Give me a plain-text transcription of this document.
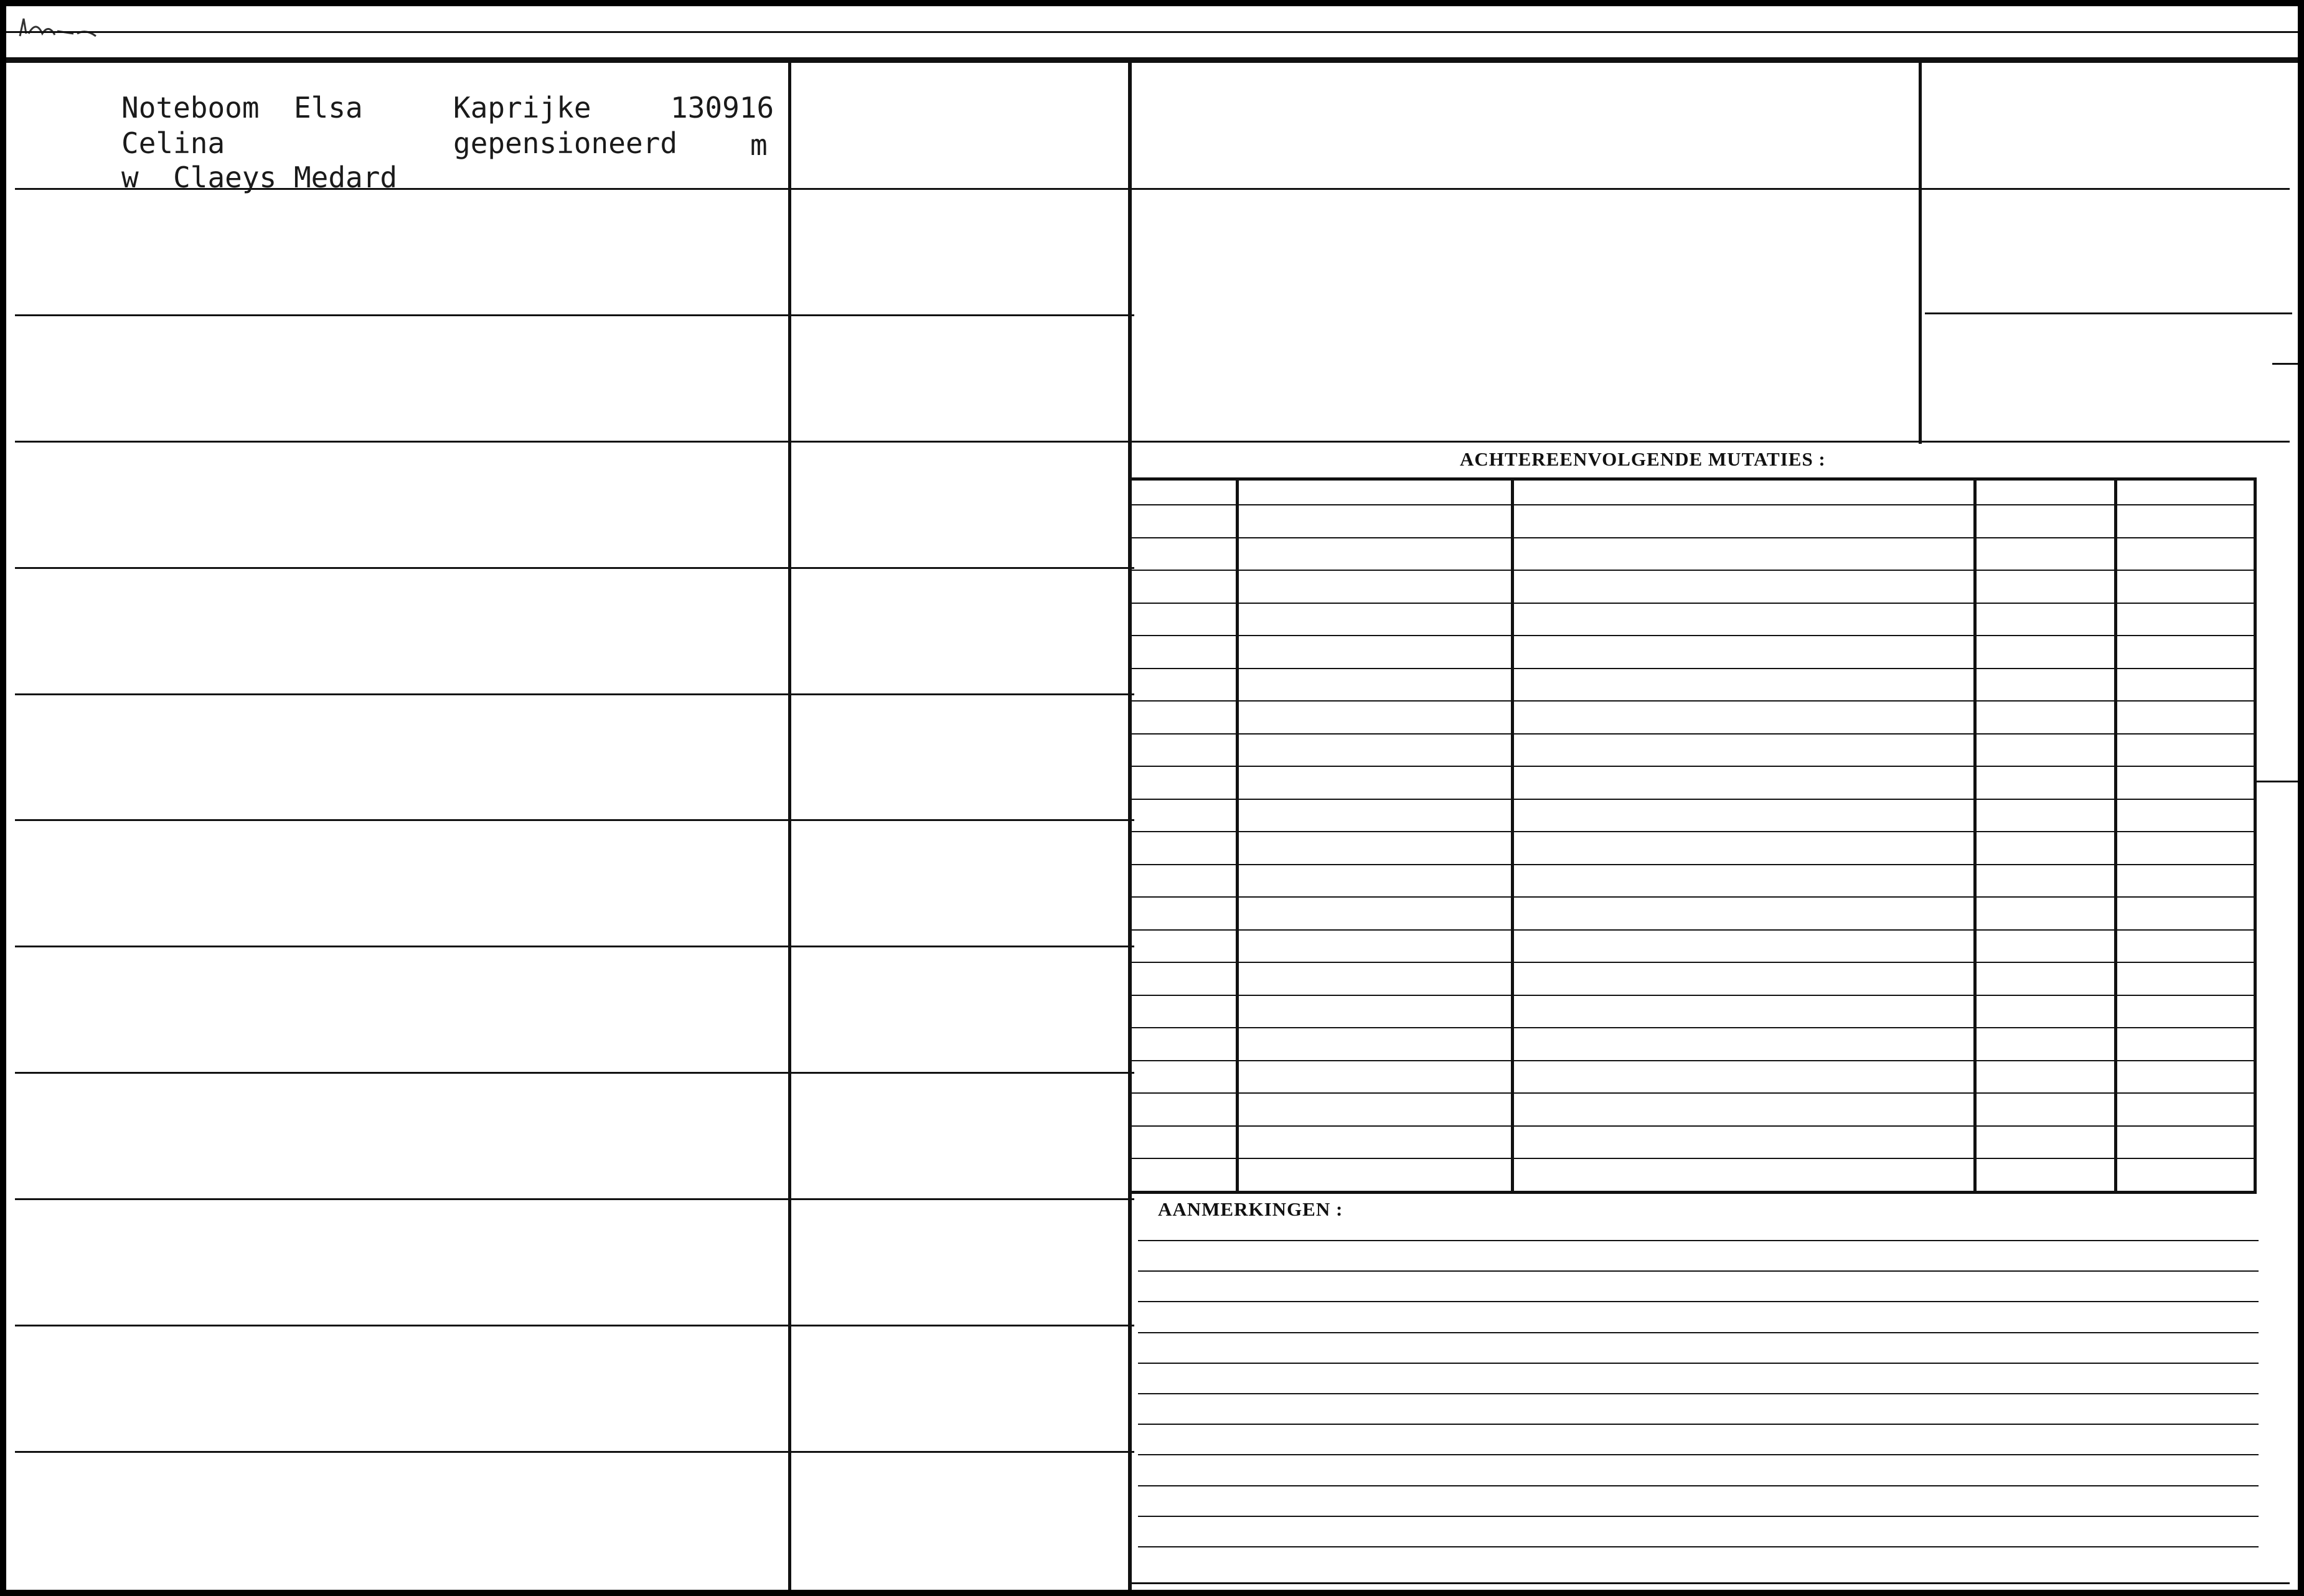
Noteboom  Elsa
Celina
w  Claeys Medard
Kaprijke
gepensioneerd
130916
m
ACHTEREENVOLGENDE MUTATIES :
AANMERKINGEN :
